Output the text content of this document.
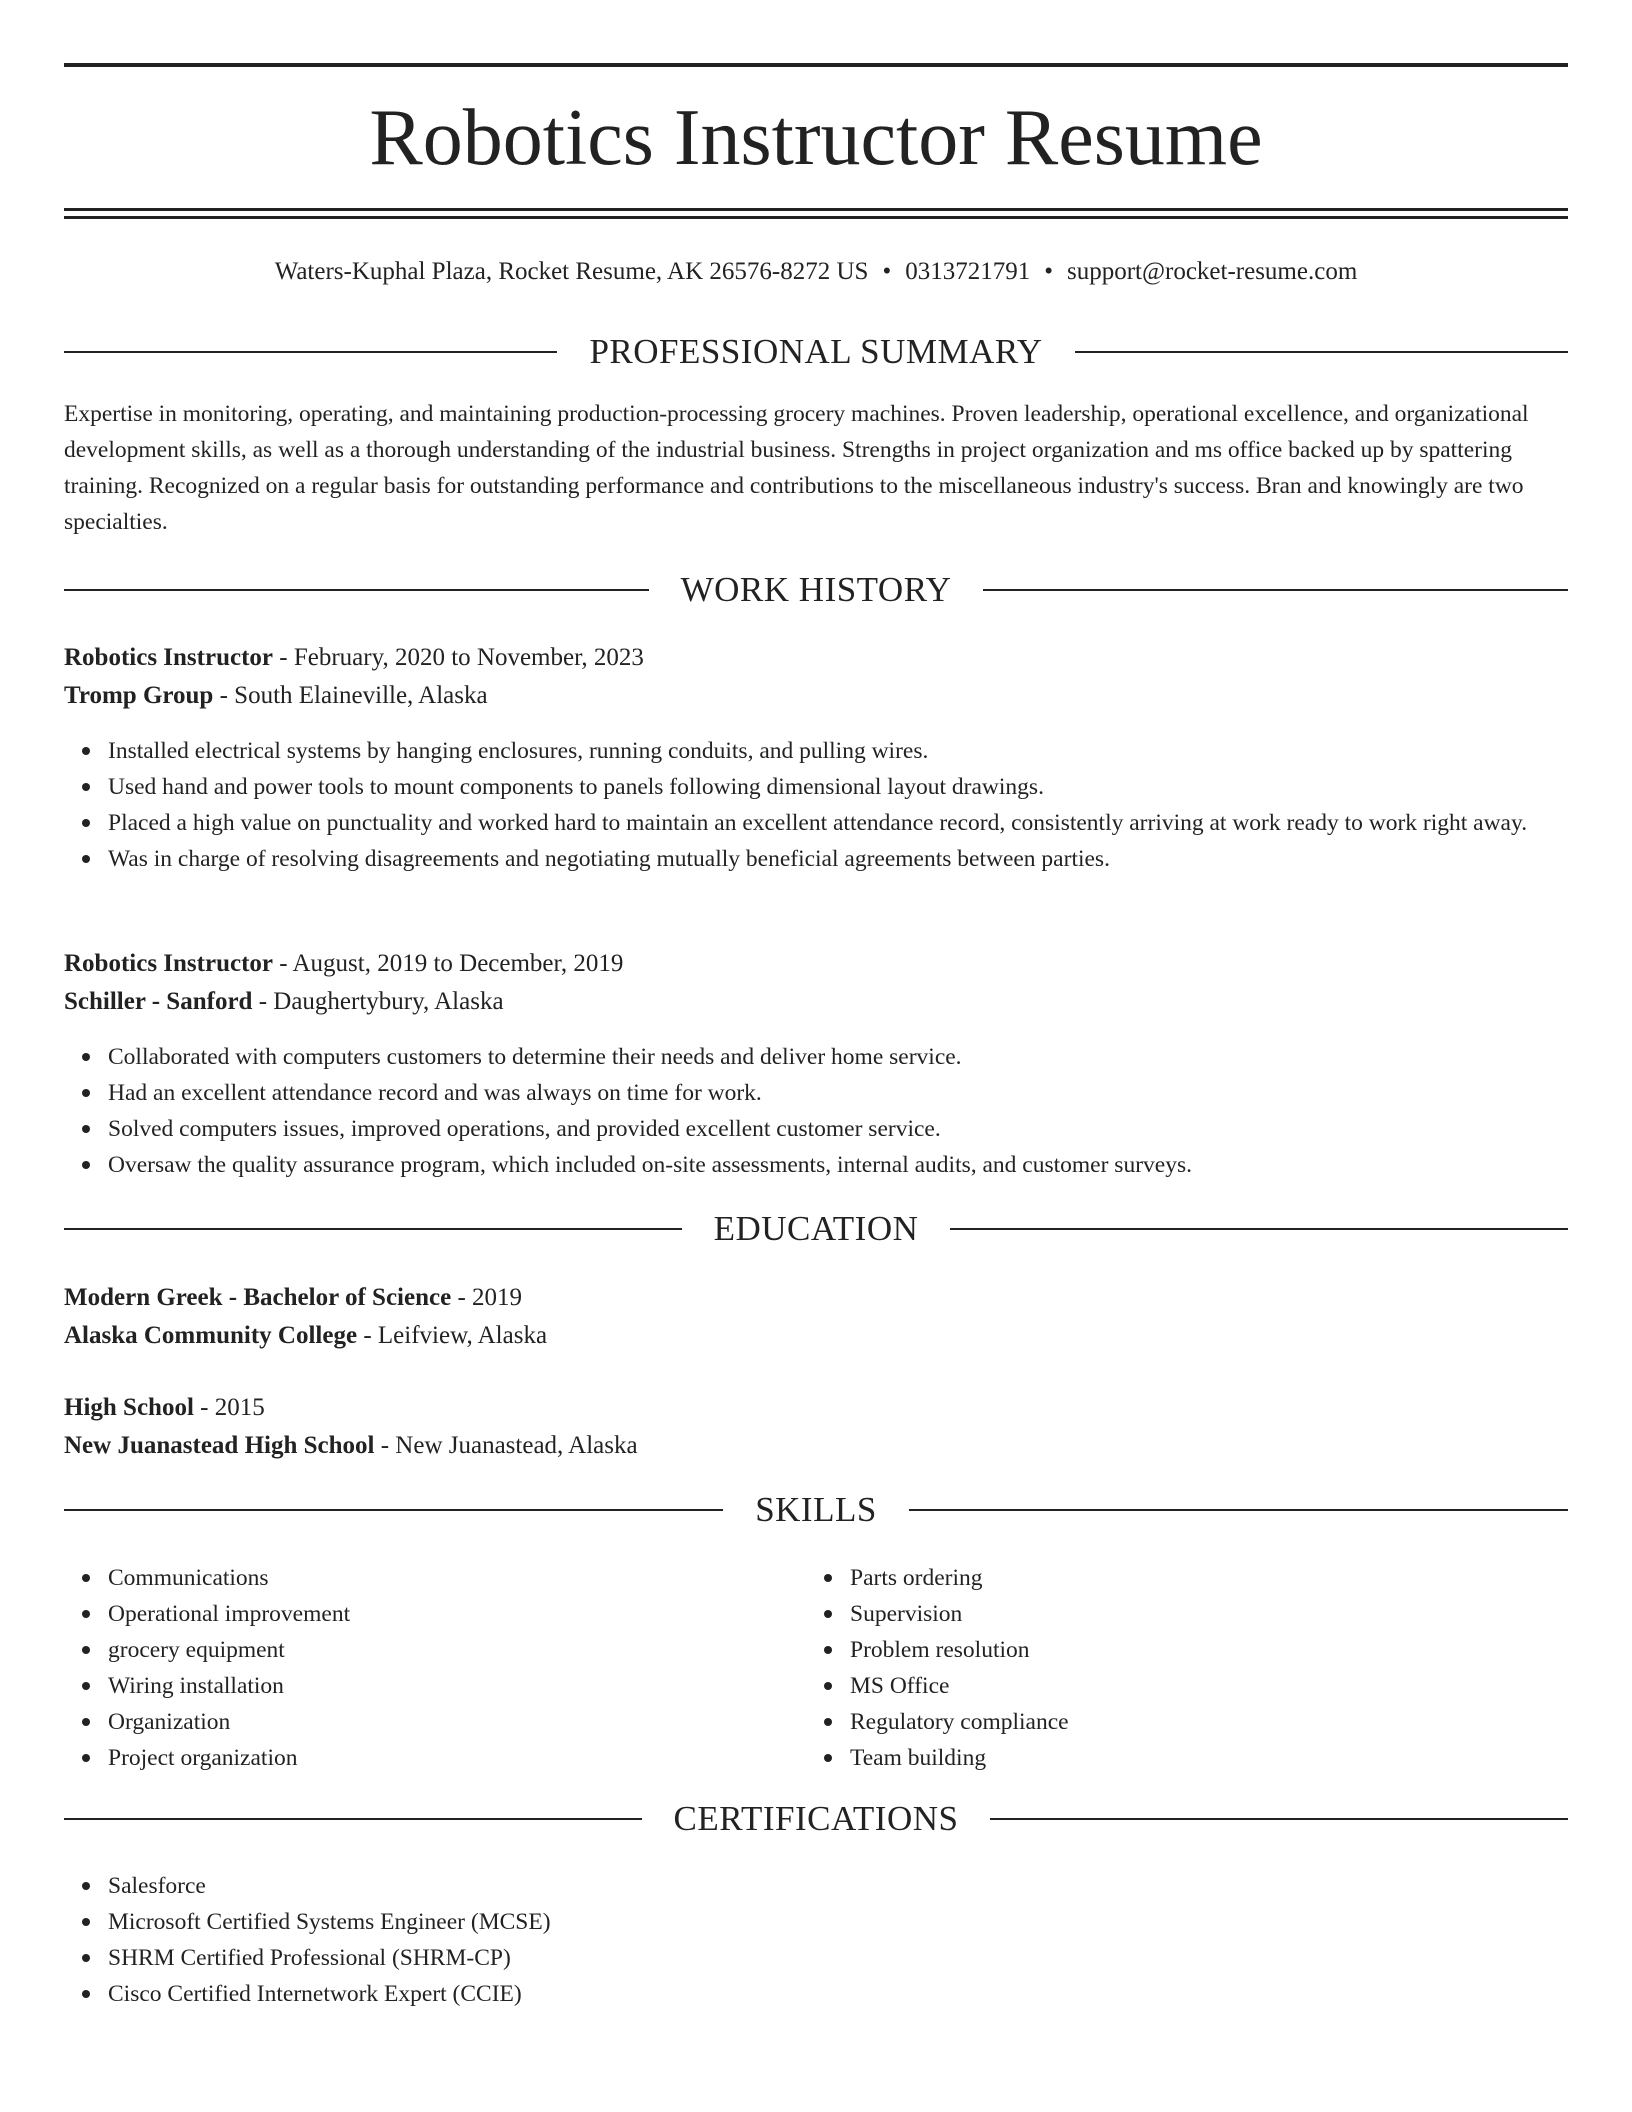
Robotics Instructor Resume
Waters-Kuphal Plaza, Rocket Resume, AK 26576-8272 US • 0313721791 • support@rocket-resume.com
PROFESSIONAL SUMMARY

Expertise in monitoring, operating, and maintaining production-processing grocery machines. Proven leadership, operational excellence, and organizational development skills, as well as a thorough understanding of the industrial business. Strengths in project organization and ms office backed up by spattering training. Recognized on a regular basis for outstanding performance and contributions to the miscellaneous industry's success. Bran and knowingly are two specialties.

WORK HISTORY
Robotics Instructor - February, 2020 to November, 2023
Tromp Group - South Elaineville, Alaska
Installed electrical systems by hanging enclosures, running conduits, and pulling wires.
Used hand and power tools to mount components to panels following dimensional layout drawings.
Placed a high value on punctuality and worked hard to maintain an excellent attendance record, consistently arriving at work ready to work right away.
Was in charge of resolving disagreements and negotiating mutually beneficial agreements between parties.
Robotics Instructor - August, 2019 to December, 2019
Schiller - Sanford - Daughertybury, Alaska
Collaborated with computers customers to determine their needs and deliver home service.
Had an excellent attendance record and was always on time for work.
Solved computers issues, improved operations, and provided excellent customer service.
Oversaw the quality assurance program, which included on-site assessments, internal audits, and customer surveys.
EDUCATION
Modern Greek - Bachelor of Science - 2019
Alaska Community College - Leifview, Alaska
High School - 2015
New Juanastead High School - New Juanastead, Alaska
SKILLS
Communications
Operational improvement
grocery equipment
Wiring installation
Organization
Project organization
Parts ordering
Supervision
Problem resolution
MS Office
Regulatory compliance
Team building
CERTIFICATIONS
Salesforce
Microsoft Certified Systems Engineer (MCSE)
SHRM Certified Professional (SHRM-CP)
Cisco Certified Internetwork Expert (CCIE)
